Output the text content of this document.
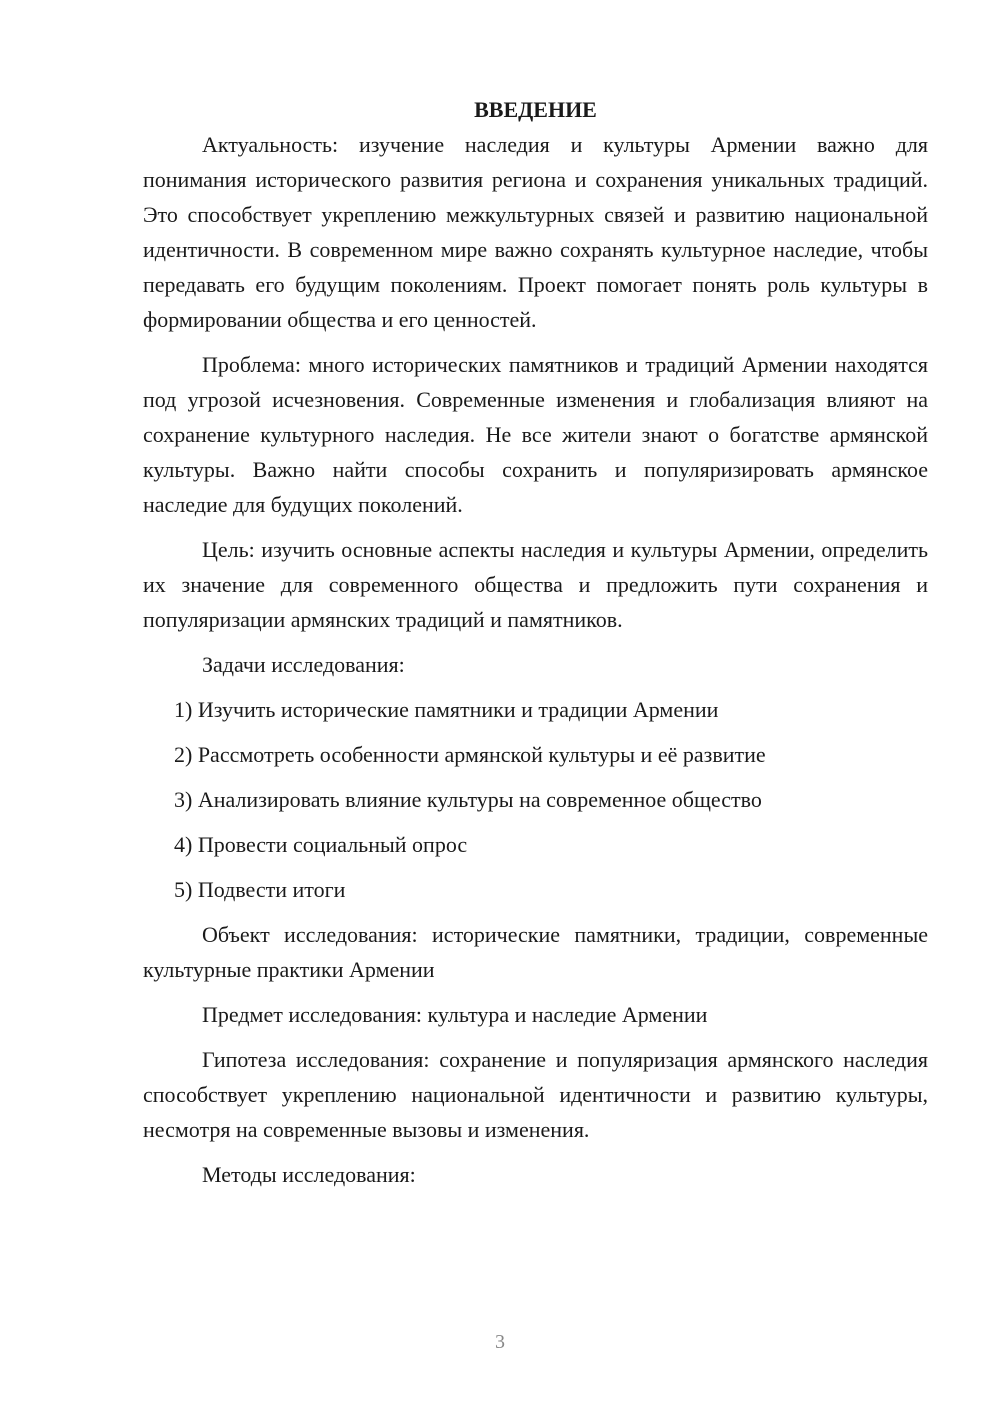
ВВЕДЕНИЕ

Актуальность: изучение наследия и культуры Армении важно для понимания исторического развития региона и сохранения уникальных традиций. Это способствует укреплению межкультурных связей и развитию национальной идентичности. В современном мире важно сохранять культурное наследие, чтобы передавать его будущим поколениям. Проект помогает понять роль культуры в формировании общества и его ценностей.

Проблема: много исторических памятников и традиций Армении находятся под угрозой исчезновения. Современные изменения и глобализация влияют на сохранение культурного наследия. Не все жители знают о богатстве армянской культуры. Важно найти способы сохранить и популяризировать армянское наследие для будущих поколений.

Цель: изучить основные аспекты наследия и культуры Армении, определить их значение для современного общества и предложить пути сохранения и популяризации армянских традиций и памятников.

Задачи исследования:

1) Изучить исторические памятники и традиции Армении
2) Рассмотреть особенности армянской культуры и её развитие
3) Анализировать влияние культуры на современное общество
4) Провести социальный опрос
5) Подвести итоги

Объект исследования: исторические памятники, традиции, современные культурные практики Армении

Предмет исследования: культура и наследие Армении

Гипотеза исследования: сохранение и популяризация армянского наследия способствует укреплению национальной идентичности и развитию культуры, несмотря на современные вызовы и изменения.

Методы исследования:

3
